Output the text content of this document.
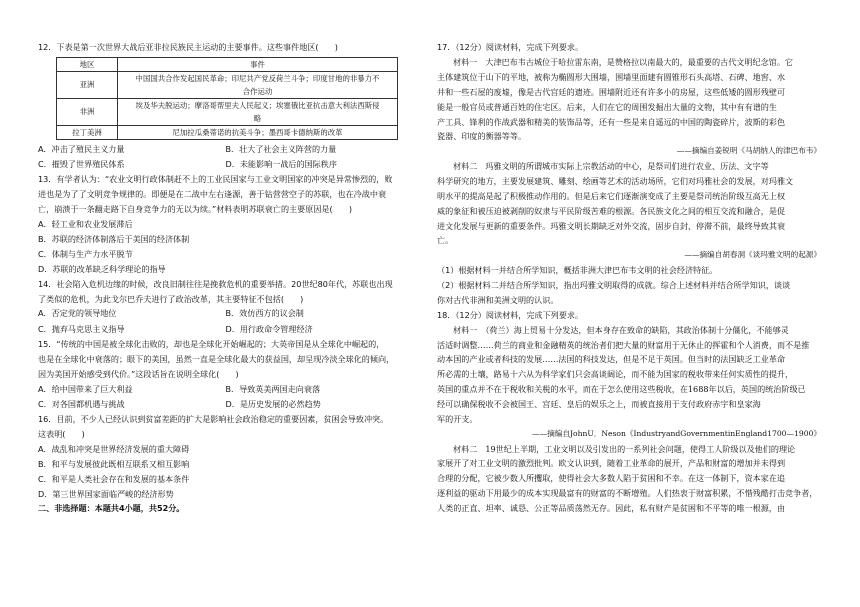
12．下表是第一次世界大战后亚非拉民族民主运动的主要事件。这些事件地区(　　)
地区	事件
亚洲	中国国共合作发起国民革命；印尼共产党反荷兰斗争；印度甘地的非暴力不
合作运动

非洲	埃及华夫脱运动；摩洛哥帮里夫人民起义；埃塞俄比亚抗击意大利法西斯侵
略

拉丁美洲	尼加拉瓜桑蒂诺的抗美斗争；墨西哥卡德纳斯的改革
A．冲击了殖民主义力量	B．壮大了社会主义阵营的力量
C．摧毁了世界殖民体系	D．未能影响一战后的国际秩序
13．有学者认为：“农业文明行政体制赶不上的工业民国家与工业文明国家的冲突是异常惨烈的，败
进也是为了了文明竞争规律的。即便是在二战中左右逢源，善于钻营营空子的苏联，也在冷战中衰
亡，崩溃于一条翻走路下自身竞争力的无以为续。”材料表明苏联衰亡的主要原因是(　　)
A．轻工业和农业发展滞后
B．苏联的经济体制落后于美国的经济体制
C．体制与生产力水平脱节
D．苏联的改革缺乏科学理论的指导
14．社会陷入危机边缘的时候，改良旧制往往是挽救危机的重要举措。20世纪80年代，苏联也出现
了类似的危机，为此戈尔巴乔夫进行了政治改革，其主要特征不包括(　　)
A．否定党的领导地位	B．效仿西方的议会制
C．抛弃马克思主义指导	D．用行政命令管理经济
15．“传统的中国是被全球化击败的，却也是全球化开始崛起的；大英帝国是从全球化中崛起的，
也是在全球化中衰落的；眼下的美国，虽然一直是全球化最大的获益国，却呈现冷淡全球化的倾向，
因为美国开始感受到代价。”这段话旨在说明全球化(　　)
A．给中国带来了巨大利益	B．导致英美两国走向衰落
C．对各国都机遇与挑战	D．是历史发展的必然趋势
16．目前，不少人已经认识到贫富差距的扩大是影响社会政治稳定的重要因素，贫困会导致冲突。
这表明(　　)
A．战乱和冲突是世界经济发展的重大障碍
B．和平与发展彼此既相互联系又相互影响
C．和平是人类社会存在和发展的基本条件
D．第三世界国家面临严峻的经济形势
二、非选择题：本题共4小题，共52分。
17．（12分）阅读材料，完成下列要求。
材料一　大津巴布韦古城位于哈拉雷东南，是赞格拉以南最大的，最重要的古代文明纪念馆。它
主体建筑位于山下的平地，被称为椭圆形大围墙，围墙里面建有圆锥形石头高塔、石碑、地窖、水
井和一些石屋的废墟，像是古代宫廷的遗迹。围墙附近还有许多小的房屋，这些低矮的圆形残壁可
能是一般官员或普通百姓的住宅区。后来，人们在它的周围发掘出大量的文物，其中有有谱的生
产工具、锋利的作战武器和精美的装饰品等，还有一些是来自遥远的中国的陶瓷碎片，波斯的彩色
瓷器、印度的衡器等等。
——摘编自姜锐明《马胡纳人的津巴布韦》
材料二　玛雅文明的所谓城市实际上宗教活动的中心，是祭司们进行农业、历法、文字等
科学研究的地方，主要发展建筑、雕刻、绘画等艺术的活动场所，它们对玛雅社会的发展，对玛雅文
明水平的提高是起了积极推动作用的。但是后来它们逐渐演变成了主要是祭司统治阶级互高无上权
威的象征和被压迫被剥削的奴隶与平民阶级苦难的根源。各民族文化之间的相互交流和融合，是促
进文化发展与更新的重要条件。玛雅文明长期缺乏对外交流，固步自封、停滞不前，最终导致其衰
亡。
——摘编自胡春洞《谈玛雅文明的起源》
（1）根据材料一并结合所学知识，概括非洲大津巴布韦文明的社会经济特征。
（2）根据材料二并结合所学知识，指出玛雅文明取得的成就。综合上述材料并结合所学知识，谈谈
你对古代非洲和美洲文明的认识。
18．（12分）阅读材料，完成下列要求。
材料一　（荷兰）海上贸易十分发达，但本身存在致命的缺陷，其政治体制十分僵化，不能够灵
活适时调整……荷兰的商业和金融精英的统治者们把大量的财富用于无休止的挥霍和个人消费，而不是推
动本国的产业或者科技的发展……法国的科技发达，但是不足于英国。但当时的法国缺乏工业革命
所必需的土壤，路易十六从为科学家们只会高谈阔论，而不能为国家的税收带来任何实质性的提升，
英国的重点并不在于税收和关税的水平，而在于怎么使用这些税收，在1688年以后，英国的统治阶级已
经可以确保税收不会被国王、宫廷、皇后的娱乐之上，而被直接用于支付政府赤字和皇家海
军的开支。
——摘编自JohnU．Neson《IndustryandGovernmentinEngland1700—1900》
材料二　19世纪上半期，工业文明以及引发出的一系列社会问题，使得工人阶级以及他们的理论
家展开了对工业文明的激烈批判。欧文认识到，随着工业革命的展开，产品和财富的增加并未得到
合理的分配，它被少数人所攫取，使得社会大多数人陷于贫困和不幸。在这一体制下，资本家在追
逐利益的驱动下用最少的成本实现最富有的财富的不断增殖。人们热衷于财富积累，不惜残酷打击竞争者，
人类的正直、坦率、诚恳、公正等品质荡然无存。因此，私有财产是贫困和不平等的唯一根源，由
